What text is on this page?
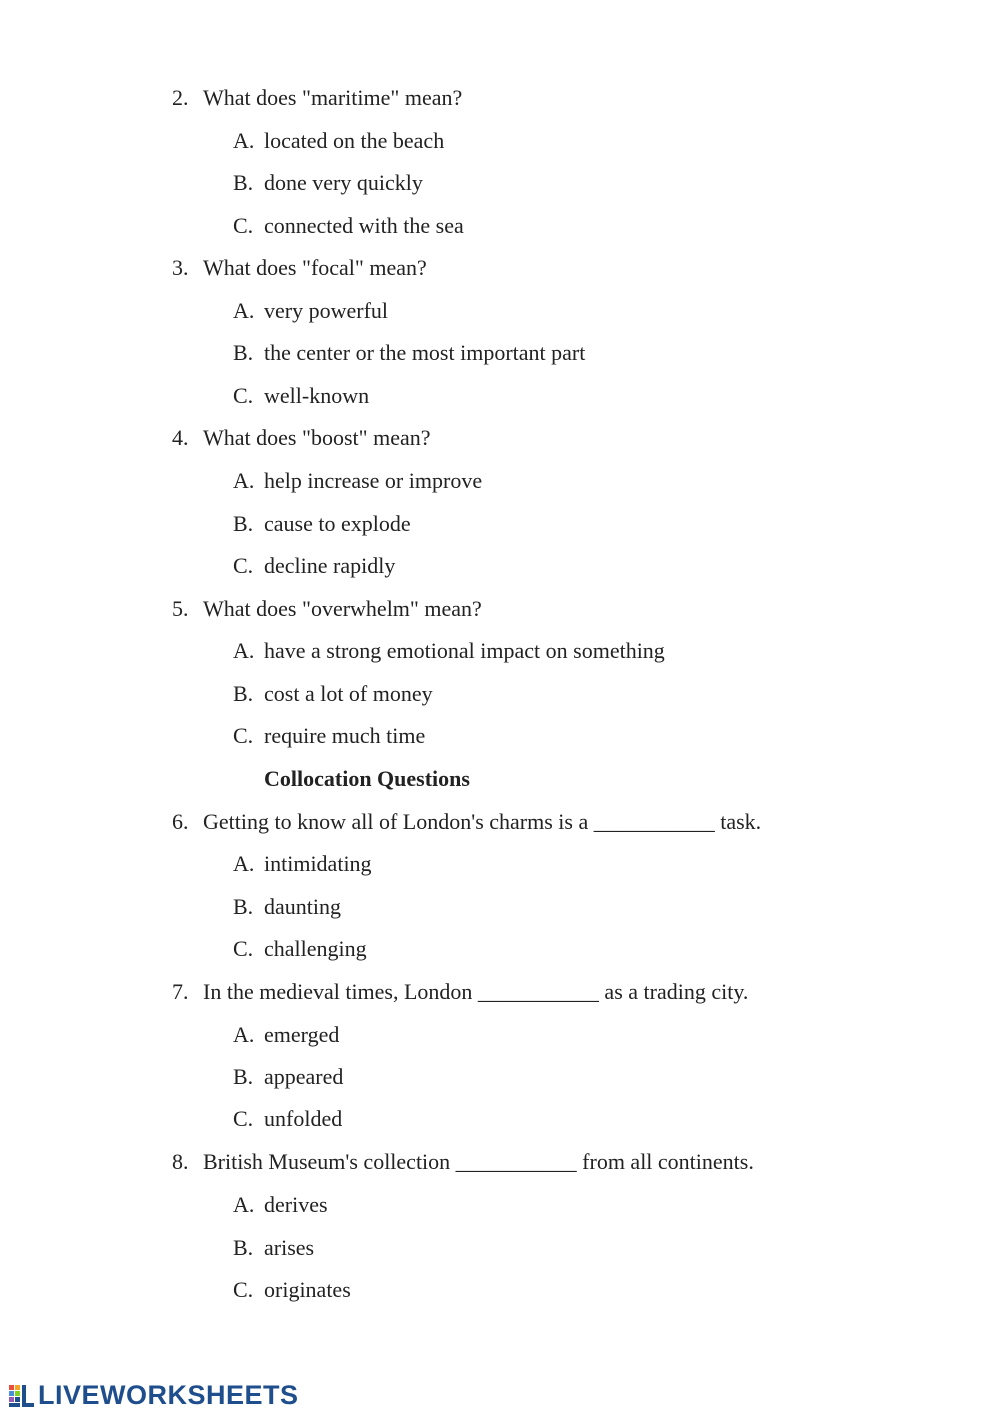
2. What does "maritime" mean?
A. located on the beach
B. done very quickly
C. connected with the sea
3. What does "focal" mean?
A. very powerful
B. the center or the most important part
C. well-known
4. What does "boost" mean?
A. help increase or improve
B. cause to explode
C. decline rapidly
5. What does "overwhelm" mean?
A. have a strong emotional impact on something
B. cost a lot of money
C. require much time
Collocation Questions
6. Getting to know all of London's charms is a ___________ task.
A. intimidating
B. daunting
C. challenging
7. In the medieval times, London ___________ as a trading city.
A. emerged
B. appeared
C. unfolded
8. British Museum's collection ___________ from all continents.
A. derives
B. arises
C. originates
LIVEWORKSHEETS
